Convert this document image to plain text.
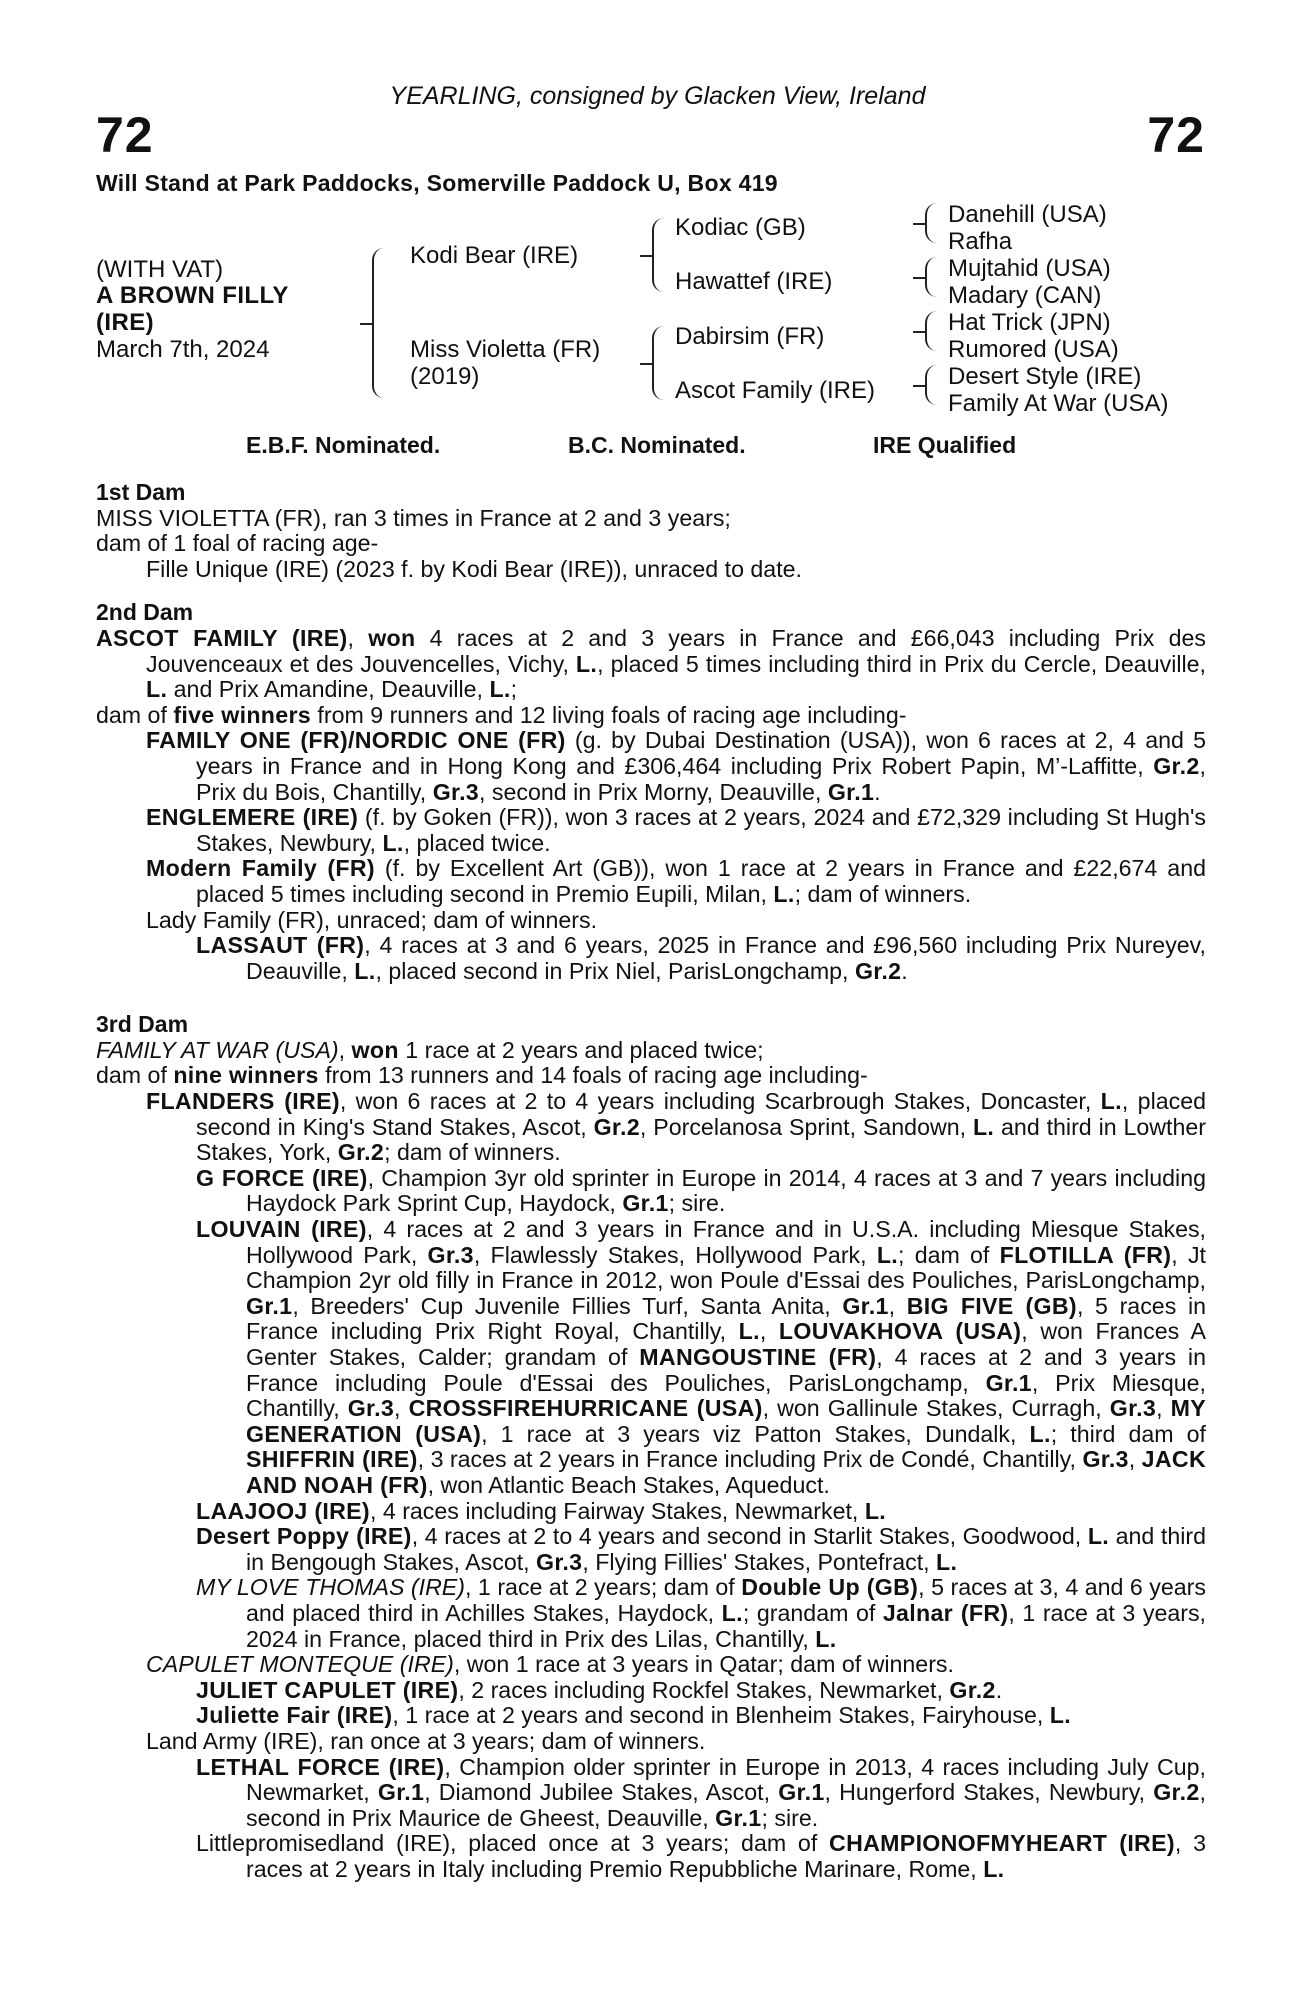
YEARLING, consigned by Glacken View, Ireland
72	72
Will Stand at Park Paddocks, Somerville Paddock U, Box 419
(WITH VAT)
A BROWN FILLY
(IRE)
March 7th, 2024
Kodi Bear (IRE)
Miss Violetta (FR)
(2019)
Kodiac (GB)
Hawattef (IRE)
Dabirsim (FR)
Ascot Family (IRE)
Danehill (USA)
Rafha
Mujtahid (USA)
Madary (CAN)
Hat Trick (JPN)
Rumored (USA)
Desert Style (IRE)
Family At War (USA)
E.B.F. Nominated.	B.C. Nominated.	IRE Qualified
1st Dam
MISS VIOLETTA (FR), ran 3 times in France at 2 and 3 years;
dam of 1 foal of racing age-
Fille Unique (IRE) (2023 f. by Kodi Bear (IRE)), unraced to date.
2nd Dam
ASCOT FAMILY (IRE), won 4 races at 2 and 3 years in France and £66,043 including Prix des Jouvenceaux et des Jouvencelles, Vichy, L., placed 5 times including third in Prix du Cercle, Deauville, L. and Prix Amandine, Deauville, L.;
dam of five winners from 9 runners and 12 living foals of racing age including-
FAMILY ONE (FR)/NORDIC ONE (FR) (g. by Dubai Destination (USA)), won 6 races at 2, 4 and 5 years in France and in Hong Kong and £306,464 including Prix Robert Papin, M’-Laffitte, Gr.2, Prix du Bois, Chantilly, Gr.3, second in Prix Morny, Deauville, Gr.1.
ENGLEMERE (IRE) (f. by Goken (FR)), won 3 races at 2 years, 2024 and £72,329 including St Hugh's Stakes, Newbury, L., placed twice.
Modern Family (FR) (f. by Excellent Art (GB)), won 1 race at 2 years in France and £22,674 and placed 5 times including second in Premio Eupili, Milan, L.; dam of winners.
Lady Family (FR), unraced; dam of winners.
LASSAUT (FR), 4 races at 3 and 6 years, 2025 in France and £96,560 including Prix Nureyev, Deauville, L., placed second in Prix Niel, ParisLongchamp, Gr.2.
3rd Dam
FAMILY AT WAR (USA), won 1 race at 2 years and placed twice;
dam of nine winners from 13 runners and 14 foals of racing age including-
FLANDERS (IRE), won 6 races at 2 to 4 years including Scarbrough Stakes, Doncaster, L., placed second in King's Stand Stakes, Ascot, Gr.2, Porcelanosa Sprint, Sandown, L. and third in Lowther Stakes, York, Gr.2; dam of winners.
G FORCE (IRE), Champion 3yr old sprinter in Europe in 2014, 4 races at 3 and 7 years including Haydock Park Sprint Cup, Haydock, Gr.1; sire.
LOUVAIN (IRE), 4 races at 2 and 3 years in France and in U.S.A. including Miesque Stakes, Hollywood Park, Gr.3, Flawlessly Stakes, Hollywood Park, L.; dam of FLOTILLA (FR), Jt Champion 2yr old filly in France in 2012, won Poule d'Essai des Pouliches, ParisLongchamp, Gr.1, Breeders' Cup Juvenile Fillies Turf, Santa Anita, Gr.1, BIG FIVE (GB), 5 races in France including Prix Right Royal, Chantilly, L., LOUVAKHOVA (USA), won Frances A Genter Stakes, Calder; grandam of MANGOUSTINE (FR), 4 races at 2 and 3 years in France including Poule d'Essai des Pouliches, ParisLongchamp, Gr.1, Prix Miesque, Chantilly, Gr.3, CROSSFIREHURRICANE (USA), won Gallinule Stakes, Curragh, Gr.3, MY GENERATION (USA), 1 race at 3 years viz Patton Stakes, Dundalk, L.; third dam of SHIFFRIN (IRE), 3 races at 2 years in France including Prix de Condé, Chantilly, Gr.3, JACK AND NOAH (FR), won Atlantic Beach Stakes, Aqueduct.
LAAJOOJ (IRE), 4 races including Fairway Stakes, Newmarket, L.
Desert Poppy (IRE), 4 races at 2 to 4 years and second in Starlit Stakes, Goodwood, L. and third in Bengough Stakes, Ascot, Gr.3, Flying Fillies' Stakes, Pontefract, L.
MY LOVE THOMAS (IRE), 1 race at 2 years; dam of Double Up (GB), 5 races at 3, 4 and 6 years and placed third in Achilles Stakes, Haydock, L.; grandam of Jalnar (FR), 1 race at 3 years, 2024 in France, placed third in Prix des Lilas, Chantilly, L.
CAPULET MONTEQUE (IRE), won 1 race at 3 years in Qatar; dam of winners.
JULIET CAPULET (IRE), 2 races including Rockfel Stakes, Newmarket, Gr.2.
Juliette Fair (IRE), 1 race at 2 years and second in Blenheim Stakes, Fairyhouse, L.
Land Army (IRE), ran once at 3 years; dam of winners.
LETHAL FORCE (IRE), Champion older sprinter in Europe in 2013, 4 races including July Cup, Newmarket, Gr.1, Diamond Jubilee Stakes, Ascot, Gr.1, Hungerford Stakes, Newbury, Gr.2, second in Prix Maurice de Gheest, Deauville, Gr.1; sire.
Littlepromisedland (IRE), placed once at 3 years; dam of CHAMPIONOFMYHEART (IRE), 3 races at 2 years in Italy including Premio Repubbliche Marinare, Rome, L.
